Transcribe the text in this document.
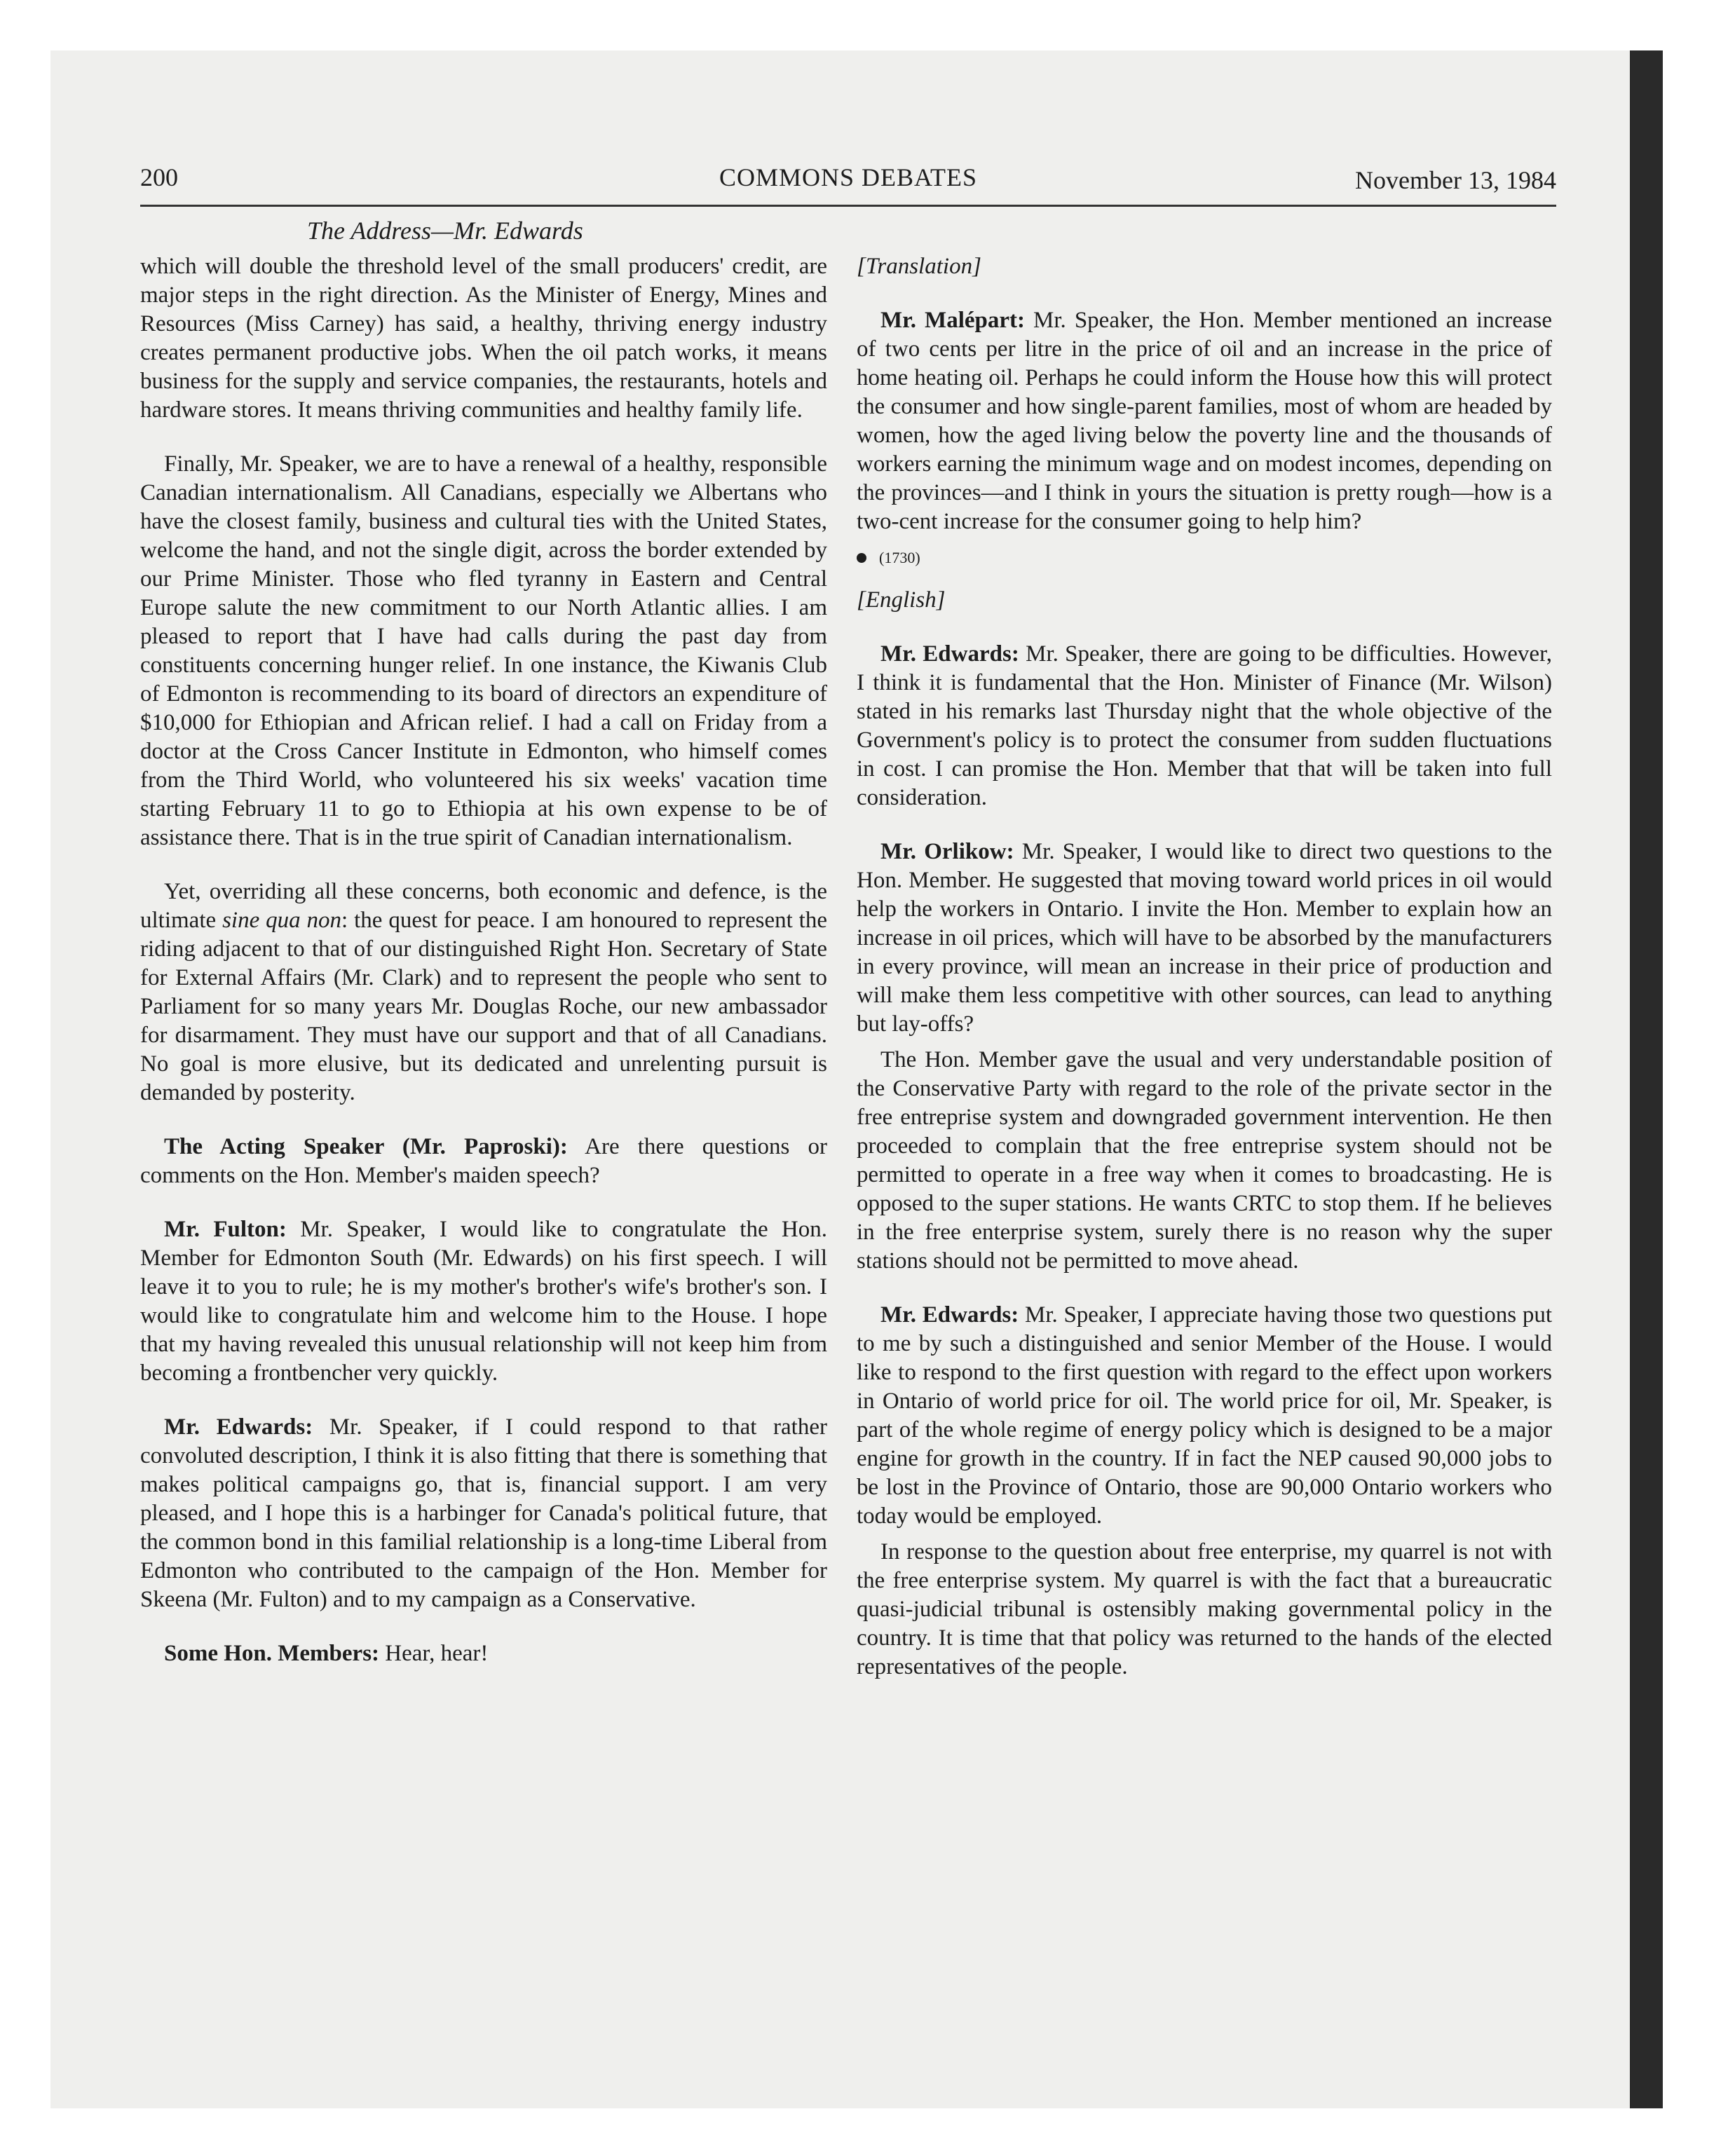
200	COMMONS DEBATES	November 13, 1984
The Address—Mr. Edwards

which will double the threshold level of the small producers' credit, are major steps in the right direction. As the Minister of Energy, Mines and Resources (Miss Carney) has said, a healthy, thriving energy industry creates permanent productive jobs. When the oil patch works, it means business for the supply and service companies, the restaurants, hotels and hardware stores. It means thriving communities and healthy family life.

Finally, Mr. Speaker, we are to have a renewal of a healthy, responsible Canadian internationalism. All Canadians, especially we Albertans who have the closest family, business and cultural ties with the United States, welcome the hand, and not the single digit, across the border extended by our Prime Minister. Those who fled tyranny in Eastern and Central Europe salute the new commitment to our North Atlantic allies. I am pleased to report that I have had calls during the past day from constituents concerning hunger relief. In one instance, the Kiwanis Club of Edmonton is recommending to its board of directors an expenditure of $10,000 for Ethiopian and African relief. I had a call on Friday from a doctor at the Cross Cancer Institute in Edmonton, who himself comes from the Third World, who volunteered his six weeks' vacation time starting February 11 to go to Ethiopia at his own expense to be of assistance there. That is in the true spirit of Canadian internationalism.

Yet, overriding all these concerns, both economic and defence, is the ultimate sine qua non: the quest for peace. I am honoured to represent the riding adjacent to that of our distinguished Right Hon. Secretary of State for External Affairs (Mr. Clark) and to represent the people who sent to Parliament for so many years Mr. Douglas Roche, our new ambassador for disarmament. They must have our support and that of all Canadians. No goal is more elusive, but its dedicated and unrelenting pursuit is demanded by posterity.

The Acting Speaker (Mr. Paproski): Are there questions or comments on the Hon. Member's maiden speech?

Mr. Fulton: Mr. Speaker, I would like to congratulate the Hon. Member for Edmonton South (Mr. Edwards) on his first speech. I will leave it to you to rule; he is my mother's brother's wife's brother's son. I would like to congratulate him and welcome him to the House. I hope that my having revealed this unusual relationship will not keep him from becoming a frontbencher very quickly.

Mr. Edwards: Mr. Speaker, if I could respond to that rather convoluted description, I think it is also fitting that there is something that makes political campaigns go, that is, financial support. I am very pleased, and I hope this is a harbinger for Canada's political future, that the common bond in this familial relationship is a long-time Liberal from Edmonton who contributed to the campaign of the Hon. Member for Skeena (Mr. Fulton) and to my campaign as a Conservative.

Some Hon. Members: Hear, hear!

[Translation]

Mr. Malépart: Mr. Speaker, the Hon. Member mentioned an increase of two cents per litre in the price of oil and an increase in the price of home heating oil. Perhaps he could inform the House how this will protect the consumer and how single-parent families, most of whom are headed by women, how the aged living below the poverty line and the thousands of workers earning the minimum wage and on modest incomes, depending on the provinces—and I think in yours the situation is pretty rough—how is a two-cent increase for the consumer going to help him?

(1730)

[English]

Mr. Edwards: Mr. Speaker, there are going to be difficulties. However, I think it is fundamental that the Hon. Minister of Finance (Mr. Wilson) stated in his remarks last Thursday night that the whole objective of the Government's policy is to protect the consumer from sudden fluctuations in cost. I can promise the Hon. Member that that will be taken into full consideration.

Mr. Orlikow: Mr. Speaker, I would like to direct two questions to the Hon. Member. He suggested that moving toward world prices in oil would help the workers in Ontario. I invite the Hon. Member to explain how an increase in oil prices, which will have to be absorbed by the manufacturers in every province, will mean an increase in their price of production and will make them less competitive with other sources, can lead to anything but lay-offs?

The Hon. Member gave the usual and very understandable position of the Conservative Party with regard to the role of the private sector in the free entreprise system and downgraded government intervention. He then proceeded to complain that the free entreprise system should not be permitted to operate in a free way when it comes to broadcasting. He is opposed to the super stations. He wants CRTC to stop them. If he believes in the free enterprise system, surely there is no reason why the super stations should not be permitted to move ahead.

Mr. Edwards: Mr. Speaker, I appreciate having those two questions put to me by such a distinguished and senior Member of the House. I would like to respond to the first question with regard to the effect upon workers in Ontario of world price for oil. The world price for oil, Mr. Speaker, is part of the whole regime of energy policy which is designed to be a major engine for growth in the country. If in fact the NEP caused 90,000 jobs to be lost in the Province of Ontario, those are 90,000 Ontario workers who today would be employed.

In response to the question about free enterprise, my quarrel is not with the free enterprise system. My quarrel is with the fact that a bureaucratic quasi-judicial tribunal is ostensibly making governmental policy in the country. It is time that that policy was returned to the hands of the elected representatives of the people.
